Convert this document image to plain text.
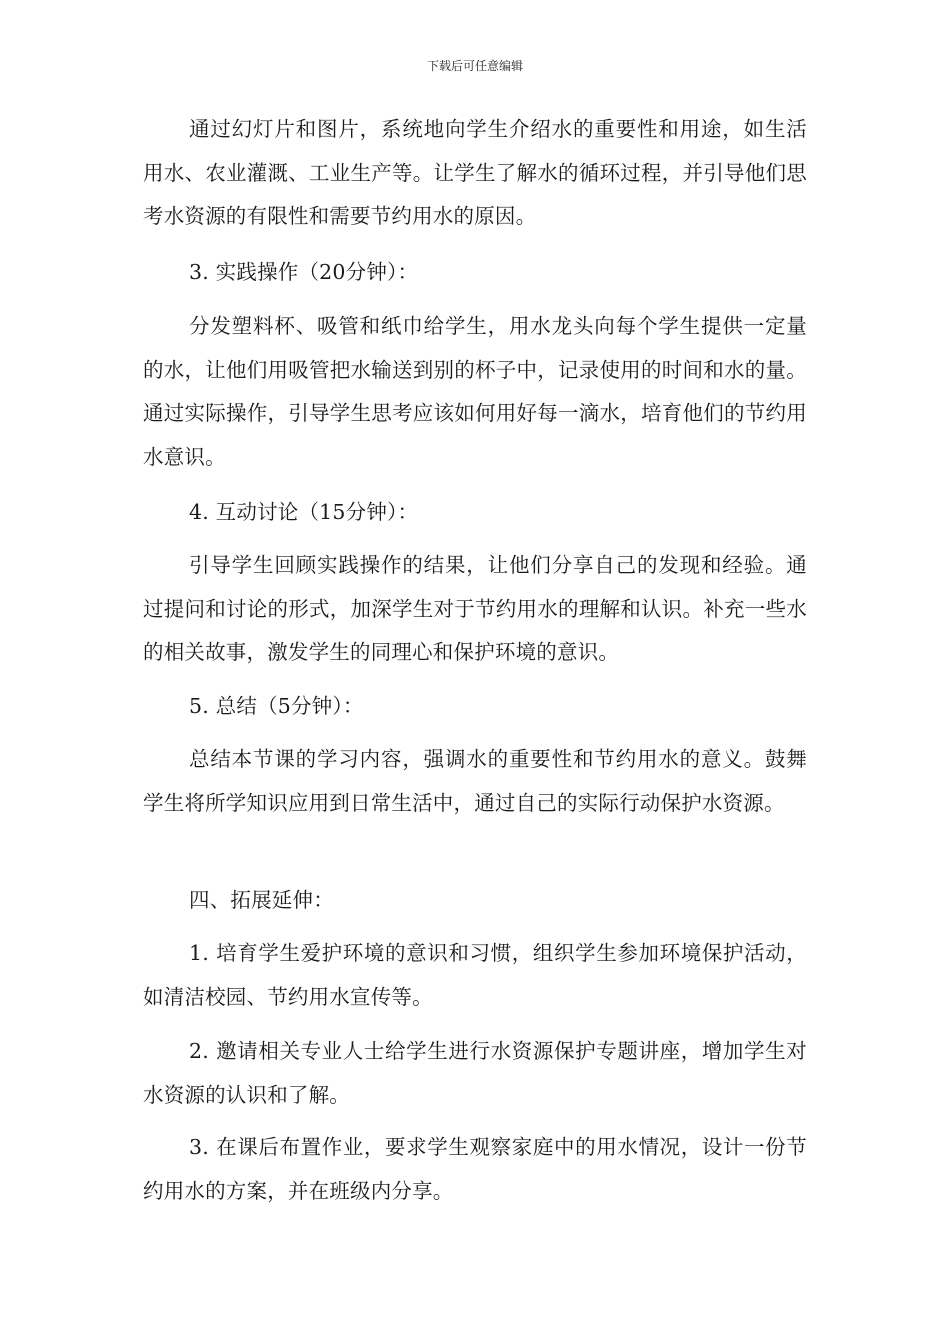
下载后可任意编辑

通过幻灯片和图片，系统地向学生介绍水的重要性和用途，如生活用水、农业灌溉、工业生产等。让学生了解水的循环过程，并引导他们思考水资源的有限性和需要节约用水的原因。

3. 实践操作（20分钟）：

分发塑料杯、吸管和纸巾给学生，用水龙头向每个学生提供一定量的水，让他们用吸管把水输送到别的杯子中，记录使用的时间和水的量。通过实际操作，引导学生思考应该如何用好每一滴水，培育他们的节约用水意识。

4. 互动讨论（15分钟）：

引导学生回顾实践操作的结果，让他们分享自己的发现和经验。通过提问和讨论的形式，加深学生对于节约用水的理解和认识。补充一些水的相关故事，激发学生的同理心和保护环境的意识。

5. 总结（5分钟）：

总结本节课的学习内容，强调水的重要性和节约用水的意义。鼓舞学生将所学知识应用到日常生活中，通过自己的实际行动保护水资源。

四、拓展延伸：

1. 培育学生爱护环境的意识和习惯，组织学生参加环境保护活动，如清洁校园、节约用水宣传等。

2. 邀请相关专业人士给学生进行水资源保护专题讲座，增加学生对水资源的认识和了解。

3. 在课后布置作业，要求学生观察家庭中的用水情况，设计一份节约用水的方案，并在班级内分享。
